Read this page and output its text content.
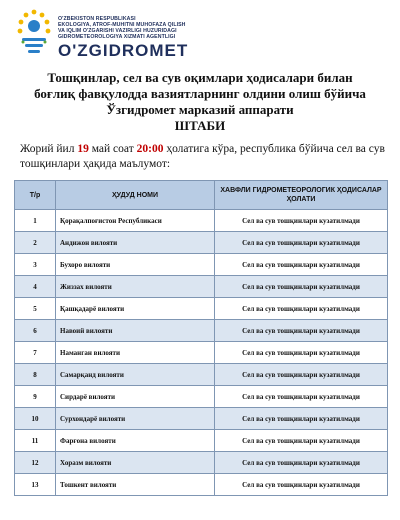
O'ZBEKISTON RESPUBLIKASI
EKOLOGIYA, ATROF-MUHITNI MUHOFAZA QILISH
VA IQLIM O'ZGARISHI VAZIRLIGI HUZURIDAGI
GIDROMETEOROLOGIYA XIZMATI AGENTLIGI
O'ZGIDROMET
Тошқинлар, сел ва сув оқимлари ҳодисалари билан
боғлиқ фавқулодда вазиятларнинг олдини олиш бўйича
Ўзгидромет марказий аппарати
ШТАБИ
Жорий йил 19 май соат 20:00 ҳолатига кўра, республика бўйича сел ва сув тошқинлари ҳақида маълумот:
Т/р	ҲУДУД НОМИ	ХАВФЛИ ГИДРОМЕТЕОРОЛОГИК ҲОДИСАЛАР ҲОЛАТИ
1	Қорақалпоғистон Республикаси	Сел ва сув тошқинлари кузатилмади
2	Андижон вилояти	Сел ва сув тошқинлари кузатилмади
3	Бухоро вилояти	Сел ва сув тошқинлари кузатилмади
4	Жиззах вилояти	Сел ва сув тошқинлари кузатилмади
5	Қашқадарё вилояти	Сел ва сув тошқинлари кузатилмади
6	Навоий вилояти	Сел ва сув тошқинлари кузатилмади
7	Наманган вилояти	Сел ва сув тошқинлари кузатилмади
8	Самарқанд вилояти	Сел ва сув тошқинлари кузатилмади
9	Сирдарё вилояти	Сел ва сув тошқинлари кузатилмади
10	Сурхондарё вилояти	Сел ва сув тошқинлари кузатилмади
11	Фарғона вилояти	Сел ва сув тошқинлари кузатилмади
12	Хоразм вилояти	Сел ва сув тошқинлари кузатилмади
13	Тошкент вилояти	Сел ва сув тошқинлари кузатилмади
